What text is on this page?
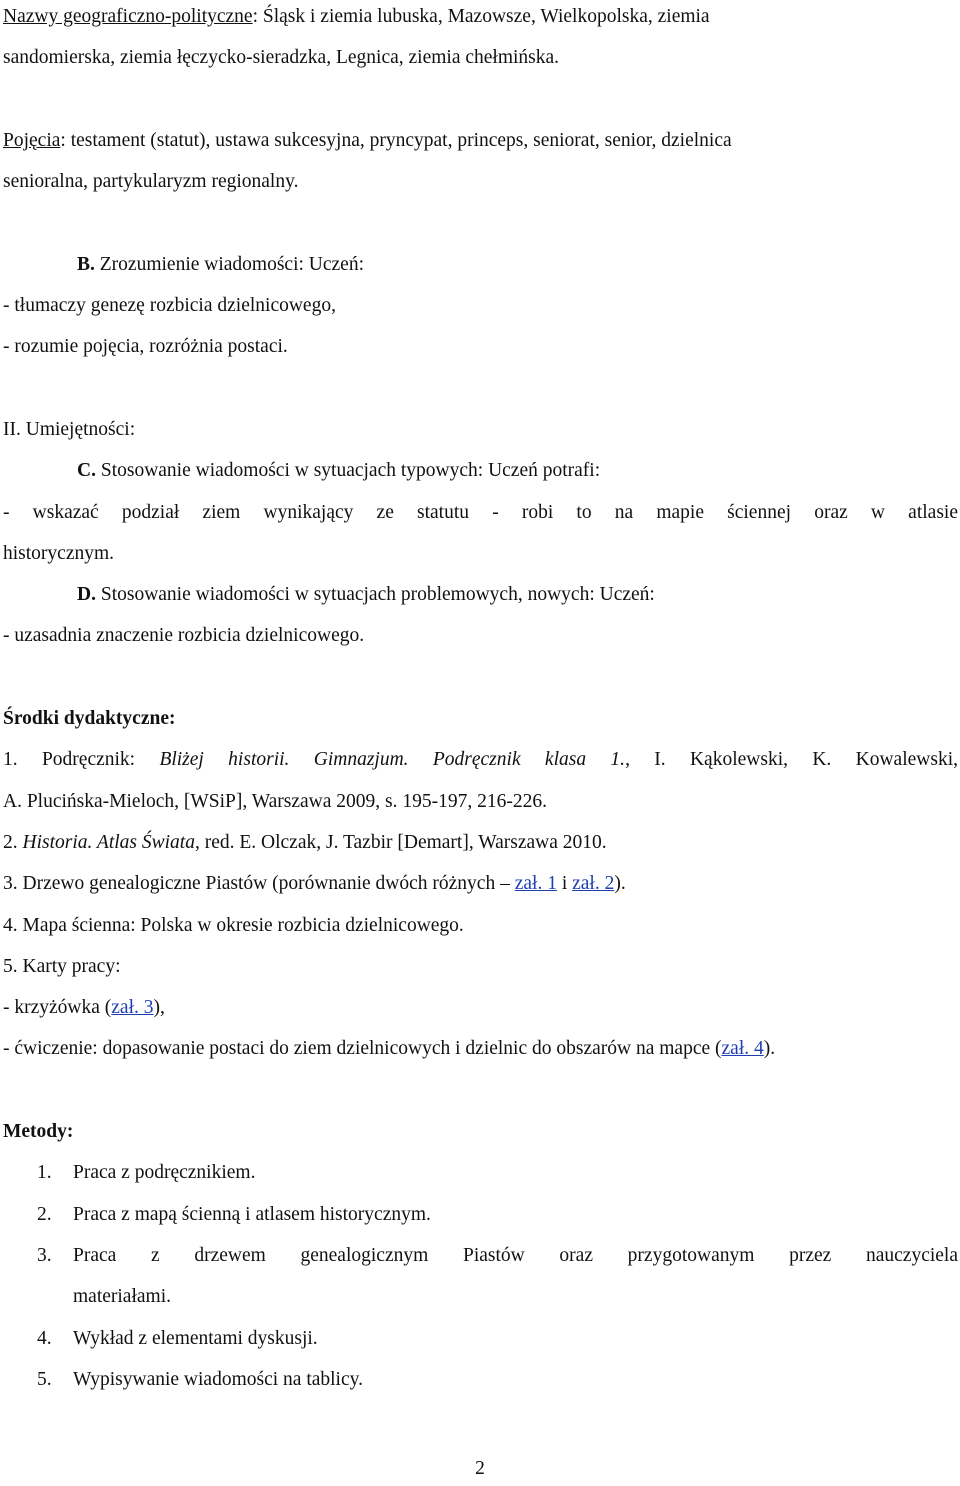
Nazwy geograficzno-polityczne: Śląsk i ziemia lubuska, Mazowsze, Wielkopolska, ziemia

sandomierska, ziemia łęczycko-sieradzka, Legnica, ziemia chełmińska.

Pojęcia: testament (statut), ustawa sukcesyjna, pryncypat, princeps, seniorat, senior, dzielnica

senioralna, partykularyzm regionalny.

B. Zrozumienie wiadomości: Uczeń:

- tłumaczy genezę rozbicia dzielnicowego,

- rozumie pojęcia, rozróżnia postaci.

II. Umiejętności:

C. Stosowanie wiadomości w sytuacjach typowych: Uczeń potrafi:

- wskazać podział ziem wynikający ze statutu - robi to na mapie ściennej oraz w atlasie

historycznym.

D. Stosowanie wiadomości w sytuacjach problemowych, nowych: Uczeń:

- uzasadnia znaczenie rozbicia dzielnicowego.

Środki dydaktyczne:

1. Podręcznik: Bliżej historii. Gimnazjum. Podręcznik klasa 1., I. Kąkolewski, K. Kowalewski,

A. Plucińska-Mieloch, [WSiP], Warszawa 2009, s. 195-197, 216-226.

2. Historia. Atlas Świata, red. E. Olczak, J. Tazbir [Demart], Warszawa 2010.

3. Drzewo genealogiczne Piastów (porównanie dwóch różnych – zał. 1 i zał. 2).

4. Mapa ścienna: Polska w okresie rozbicia dzielnicowego.

5. Karty pracy:

- krzyżówka (zał. 3),

- ćwiczenie: dopasowanie postaci do ziem dzielnicowych i dzielnic do obszarów na mapce (zał. 4).

Metody:
1.	Praca z podręcznikiem.
2.	Praca z mapą ścienną i atlasem historycznym.
3.	Praca z drzewem genealogicznym Piastów oraz przygotowanym przez nauczyciela

materiałami.

4.	Wykład z elementami dyskusji.
5.	Wypisywanie wiadomości na tablicy.
2
